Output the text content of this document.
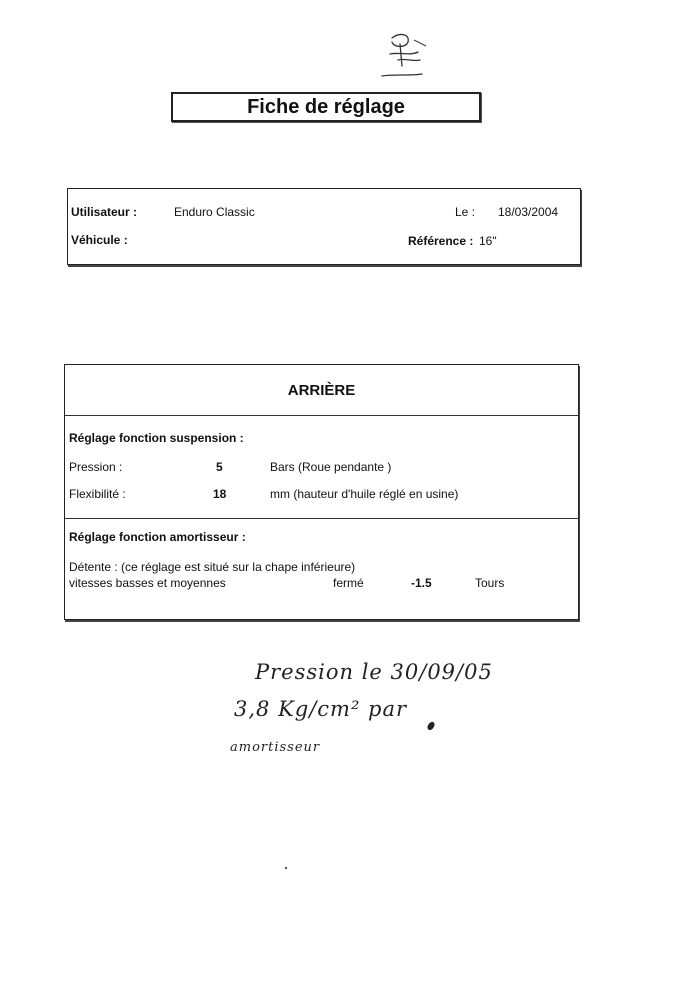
Fiche de réglage
Utilisateur :	Enduro Classic	Le : 18/03/2004
Véhicule :	Référence : 16"
ARRIÈRE
Réglage fonction suspension :
Pression :	5	Bars (Roue pendante )
Flexibilité :	18	mm (hauteur d'huile réglé en usine)
Réglage fonction amortisseur :
Détente : (ce réglage est situé sur la chape inférieure)
vitesses basses et moyennes	fermé	-1.5	Tours
Pression le 30/09/05
3,8 Kg/cm² par
amortisseur
